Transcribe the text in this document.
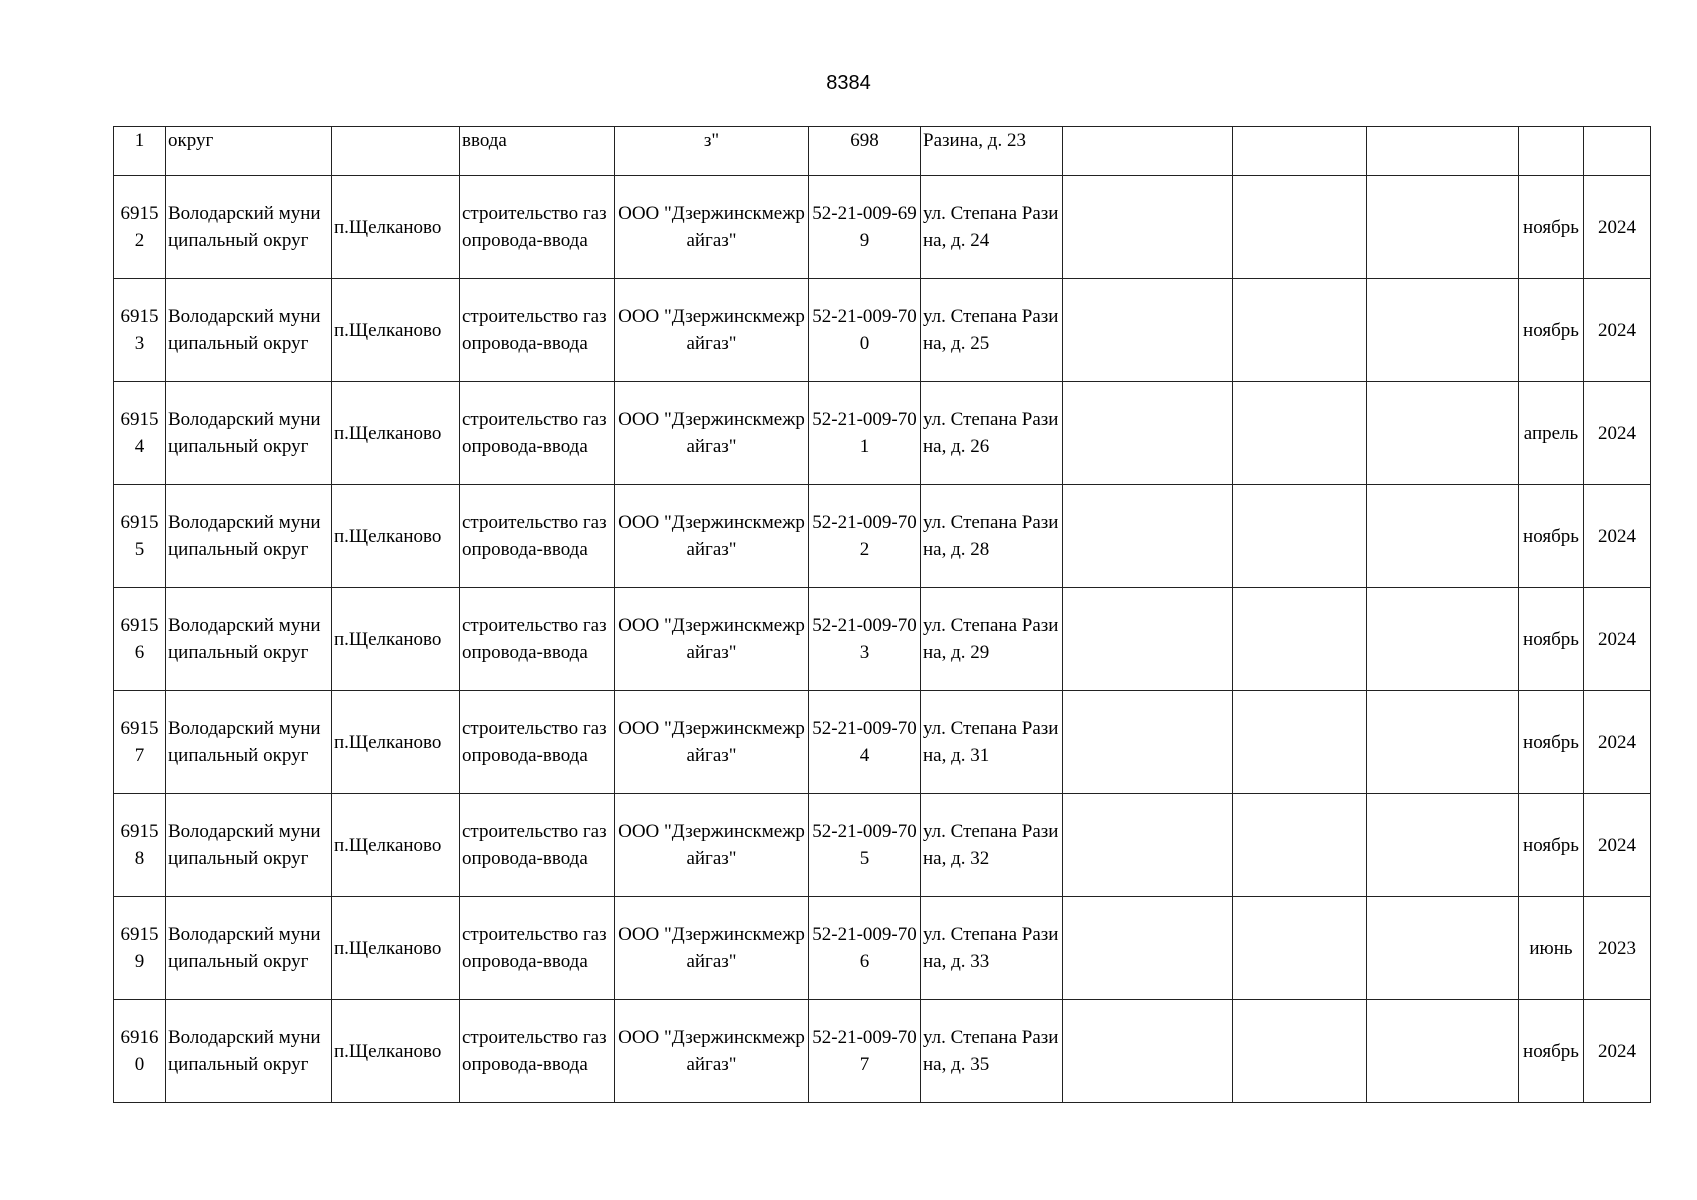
8384
1	округ		ввода	з"	698	Разина, д. 23					
69152	Володарский муниципальный округ	п.Щелканово	строительство газопровода-ввода	ООО "Дзержинскмежрайгаз"	52-21-009-699	ул. Степана Разина, д. 24				ноябрь	2024
69153	Володарский муниципальный округ	п.Щелканово	строительство газопровода-ввода	ООО "Дзержинскмежрайгаз"	52-21-009-700	ул. Степана Разина, д. 25				ноябрь	2024
69154	Володарский муниципальный округ	п.Щелканово	строительство газопровода-ввода	ООО "Дзержинскмежрайгаз"	52-21-009-701	ул. Степана Разина, д. 26				апрель	2024
69155	Володарский муниципальный округ	п.Щелканово	строительство газопровода-ввода	ООО "Дзержинскмежрайгаз"	52-21-009-702	ул. Степана Разина, д. 28				ноябрь	2024
69156	Володарский муниципальный округ	п.Щелканово	строительство газопровода-ввода	ООО "Дзержинскмежрайгаз"	52-21-009-703	ул. Степана Разина, д. 29				ноябрь	2024
69157	Володарский муниципальный округ	п.Щелканово	строительство газопровода-ввода	ООО "Дзержинскмежрайгаз"	52-21-009-704	ул. Степана Разина, д. 31				ноябрь	2024
69158	Володарский муниципальный округ	п.Щелканово	строительство газопровода-ввода	ООО "Дзержинскмежрайгаз"	52-21-009-705	ул. Степана Разина, д. 32				ноябрь	2024
69159	Володарский муниципальный округ	п.Щелканово	строительство газопровода-ввода	ООО "Дзержинскмежрайгаз"	52-21-009-706	ул. Степана Разина, д. 33				июнь	2023
69160	Володарский муниципальный округ	п.Щелканово	строительство газопровода-ввода	ООО "Дзержинскмежрайгаз"	52-21-009-707	ул. Степана Разина, д. 35				ноябрь	2024
